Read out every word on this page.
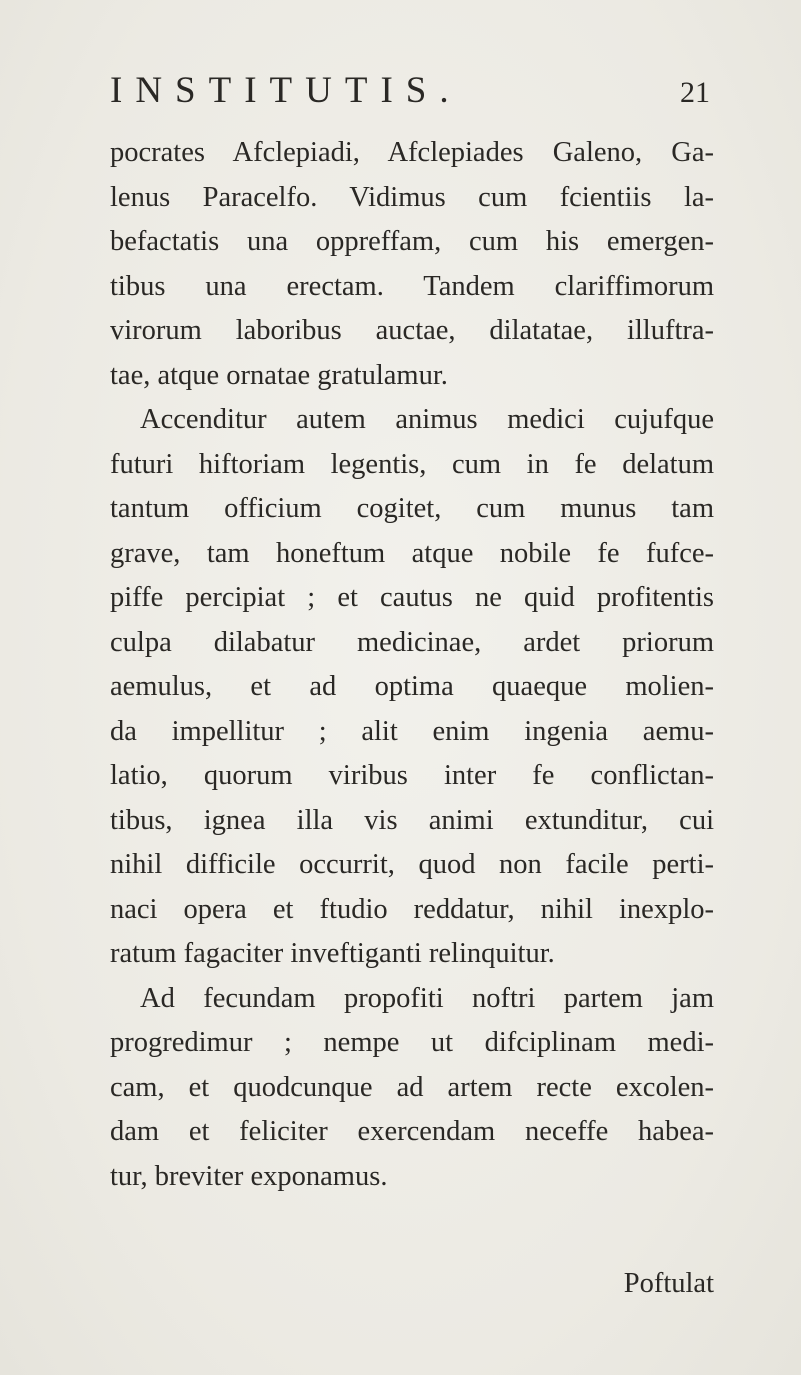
INSTITUTIS.	21
pocrates Afclepiadi, Afclepiades Galeno, Ga-
lenus Paracelfo. Vidimus cum fcientiis la-
befactatis una oppreffam, cum his emergen-
tibus una erectam. Tandem clariffimorum
virorum laboribus auctae, dilatatae, illuftra-
tae, atque ornatae gratulamur.
Accenditur autem animus medici cujufque
futuri hiftoriam legentis, cum in fe delatum
tantum officium cogitet, cum munus tam
grave, tam honeftum atque nobile fe fufce-
piffe percipiat ; et cautus ne quid profitentis
culpa dilabatur medicinae, ardet priorum
aemulus, et ad optima quaeque molien-
da impellitur ; alit enim ingenia aemu-
latio, quorum viribus inter fe conflictan-
tibus, ignea illa vis animi extunditur, cui
nihil difficile occurrit, quod non facile perti-
naci opera et ftudio reddatur, nihil inexplo-
ratum fagaciter inveftiganti relinquitur.
Ad fecundam propofiti noftri partem jam
progredimur ; nempe ut difciplinam medi-
cam, et quodcunque ad artem recte excolen-
dam et feliciter exercendam neceffe habea-
tur, breviter exponamus.
Poftulat
